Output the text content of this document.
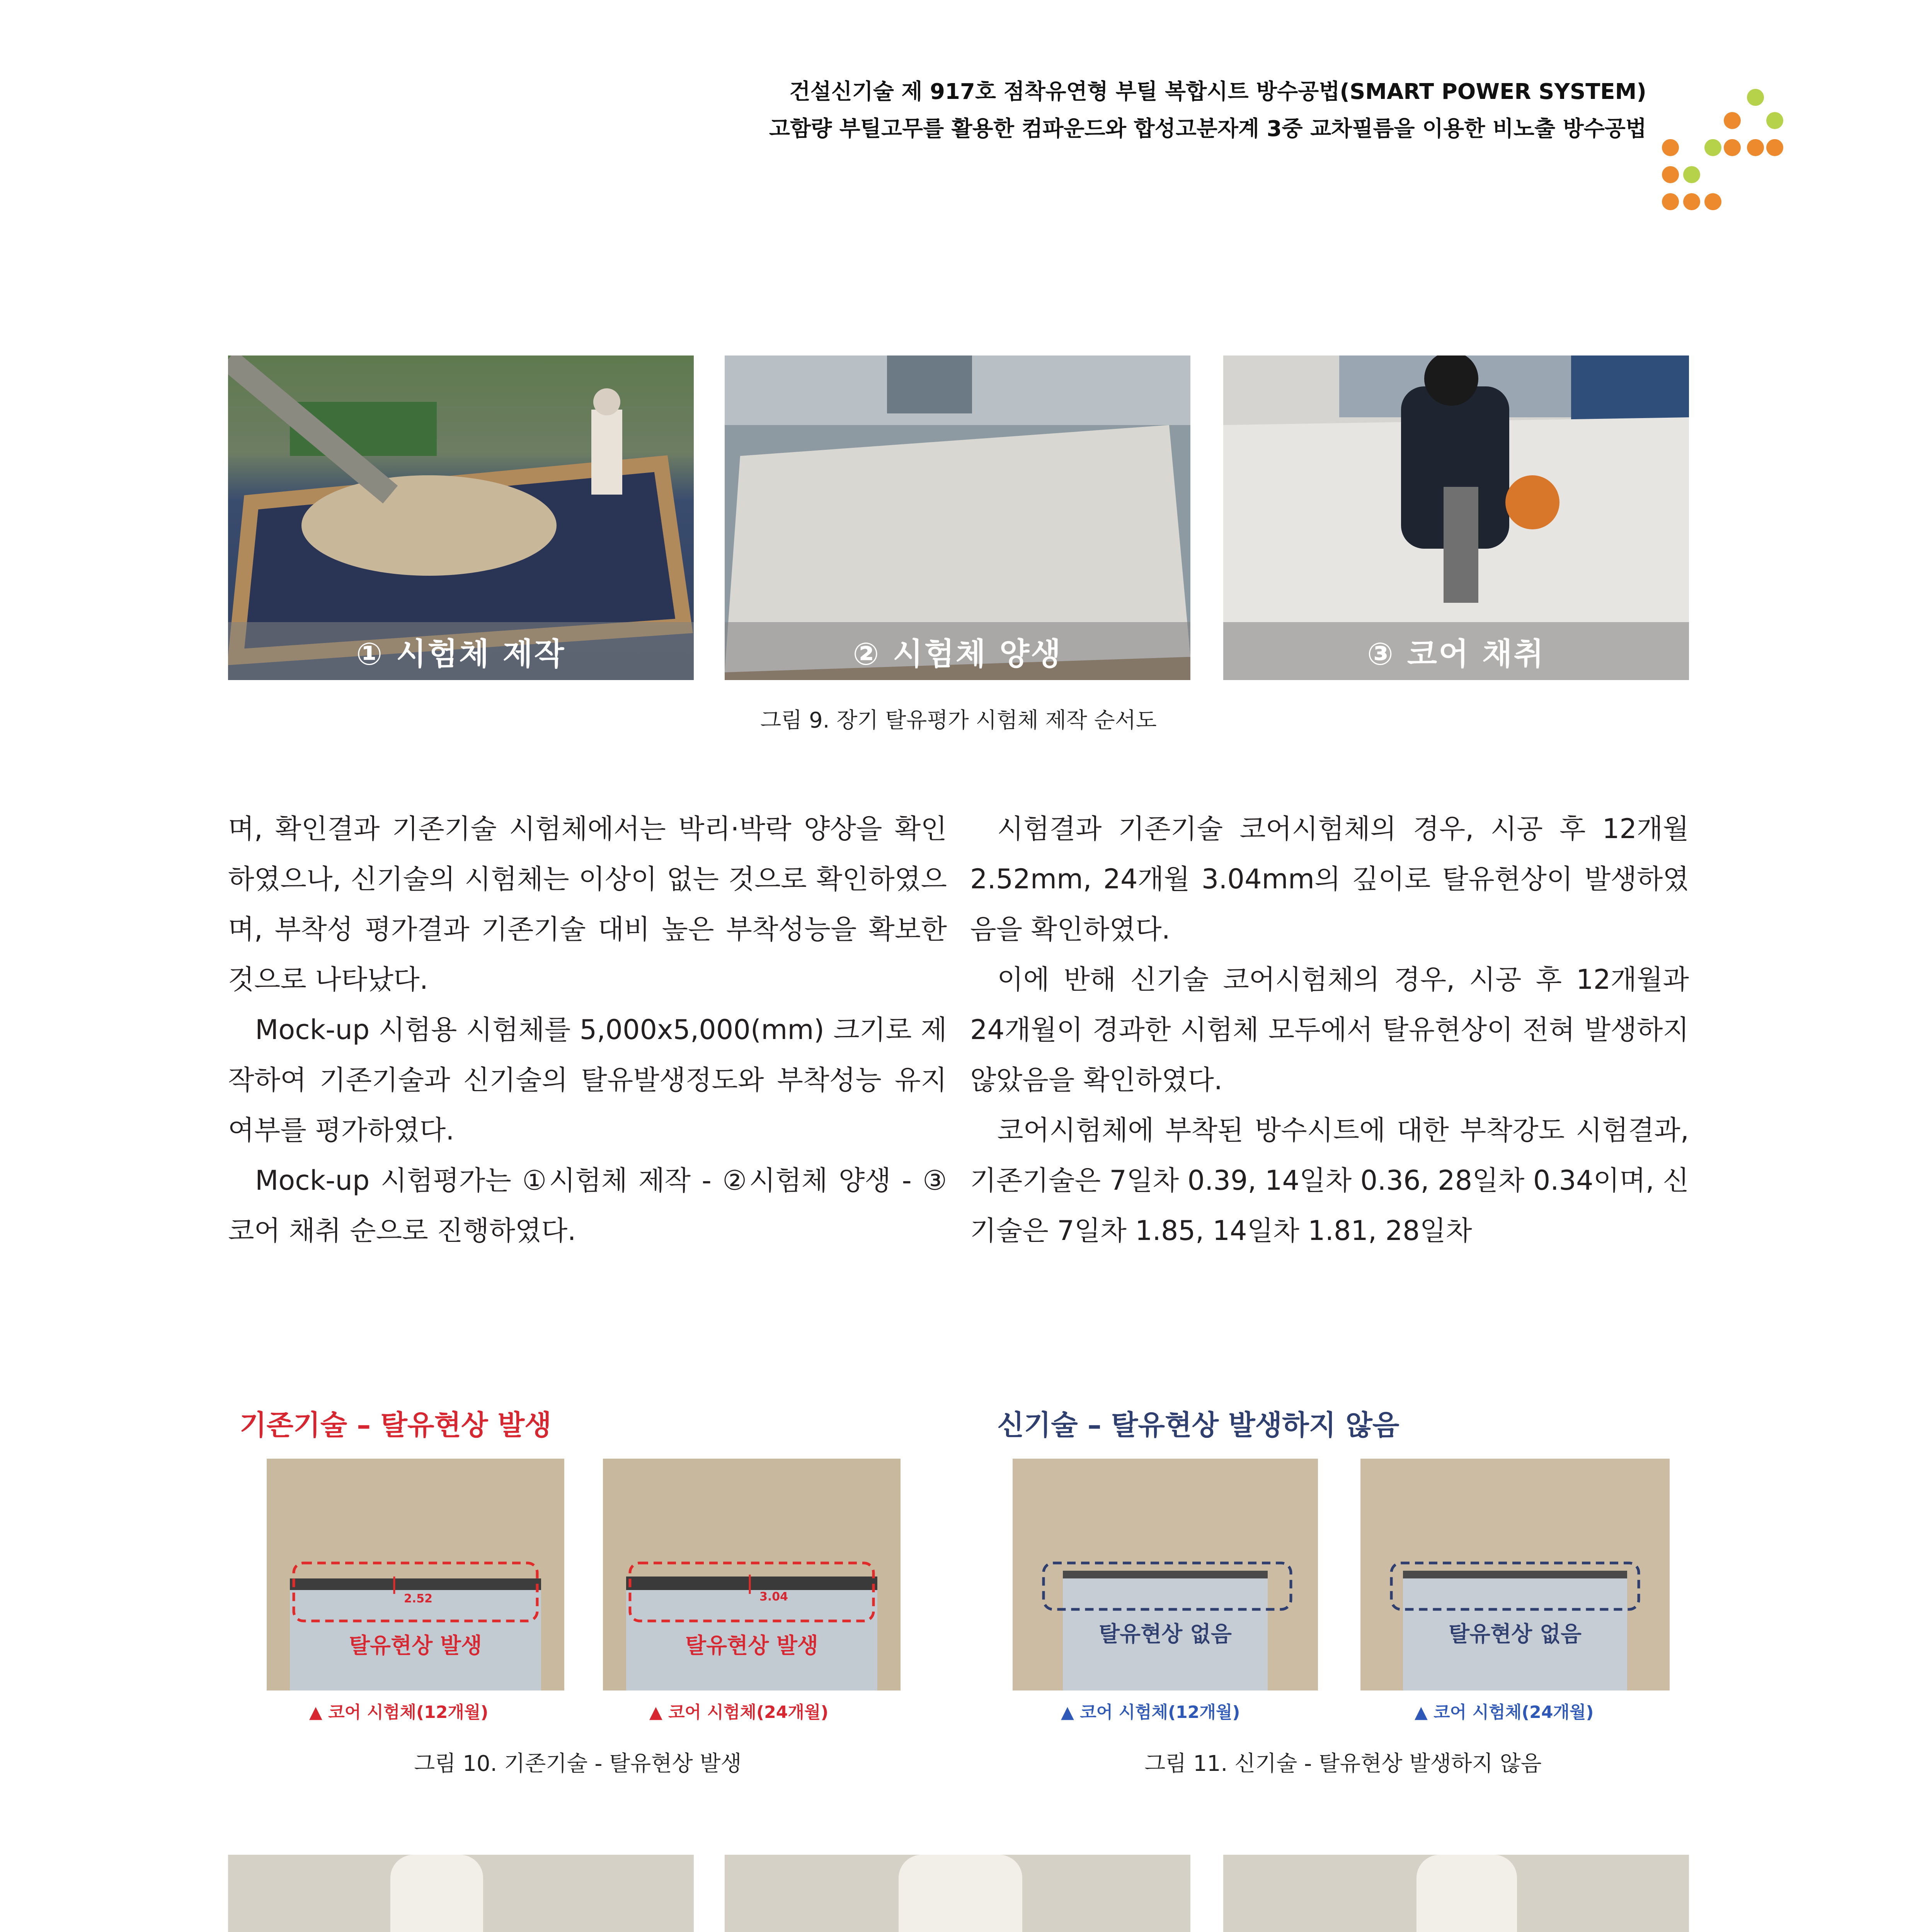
건설신기술 제 917호 점착유연형 부틸 복합시트 방수공법(SMART POWER SYSTEM)
고함량 부틸고무를 활용한 컴파운드와 합성고분자계 3중 교차필름을 이용한 비노출 방수공법
① 시험체 제작	② 시험체 양생	③ 코어 채취
그림 9. 장기 탈유평가 시험체 제작 순서도

며, 확인결과 기존기술 시험체에서는 박리·박락 양상을 확인하였으나, 신기술의 시험체는 이상이 없는 것으로 확인하였으며, 부착성 평가결과 기존기술 대비 높은 부착성능을 확보한 것으로 나타났다.

Mock-up 시험용 시험체를 5,000x5,000(mm) 크기로 제작하여 기존기술과 신기술의 탈유발생정도와 부착성능 유지여부를 평가하였다.

Mock-up 시험평가는 ①시험체 제작 - ②시험체 양생 - ③코어 채취 순으로 진행하였다.

시험결과 기존기술 코어시험체의 경우, 시공 후 12개월 2.52mm, 24개월 3.04mm의 깊이로 탈유현상이 발생하였음을 확인하였다.

이에 반해 신기술 코어시험체의 경우, 시공 후 12개월과 24개월이 경과한 시험체 모두에서 탈유현상이 전혀 발생하지 않았음을 확인하였다.

코어시험체에 부착된 방수시트에 대한 부착강도 시험결과, 기존기술은 7일차 0.39, 14일차 0.36, 28일차 0.34이며, 신기술은 7일차 1.85, 14일차 1.81, 28일차

기존기술 – 탈유현상 발생
2.52
탈유현상 발생
▲ 코어 시험체(12개월)
3.04
탈유현상 발생
▲ 코어 시험체(24개월)
그림 10. 기존기술 - 탈유현상 발생
신기술 – 탈유현상 발생하지 않음
탈유현상 없음
▲ 코어 시험체(12개월)
탈유현상 없음
▲ 코어 시험체(24개월)
그림 11. 신기술 - 탈유현상 발생하지 않음
